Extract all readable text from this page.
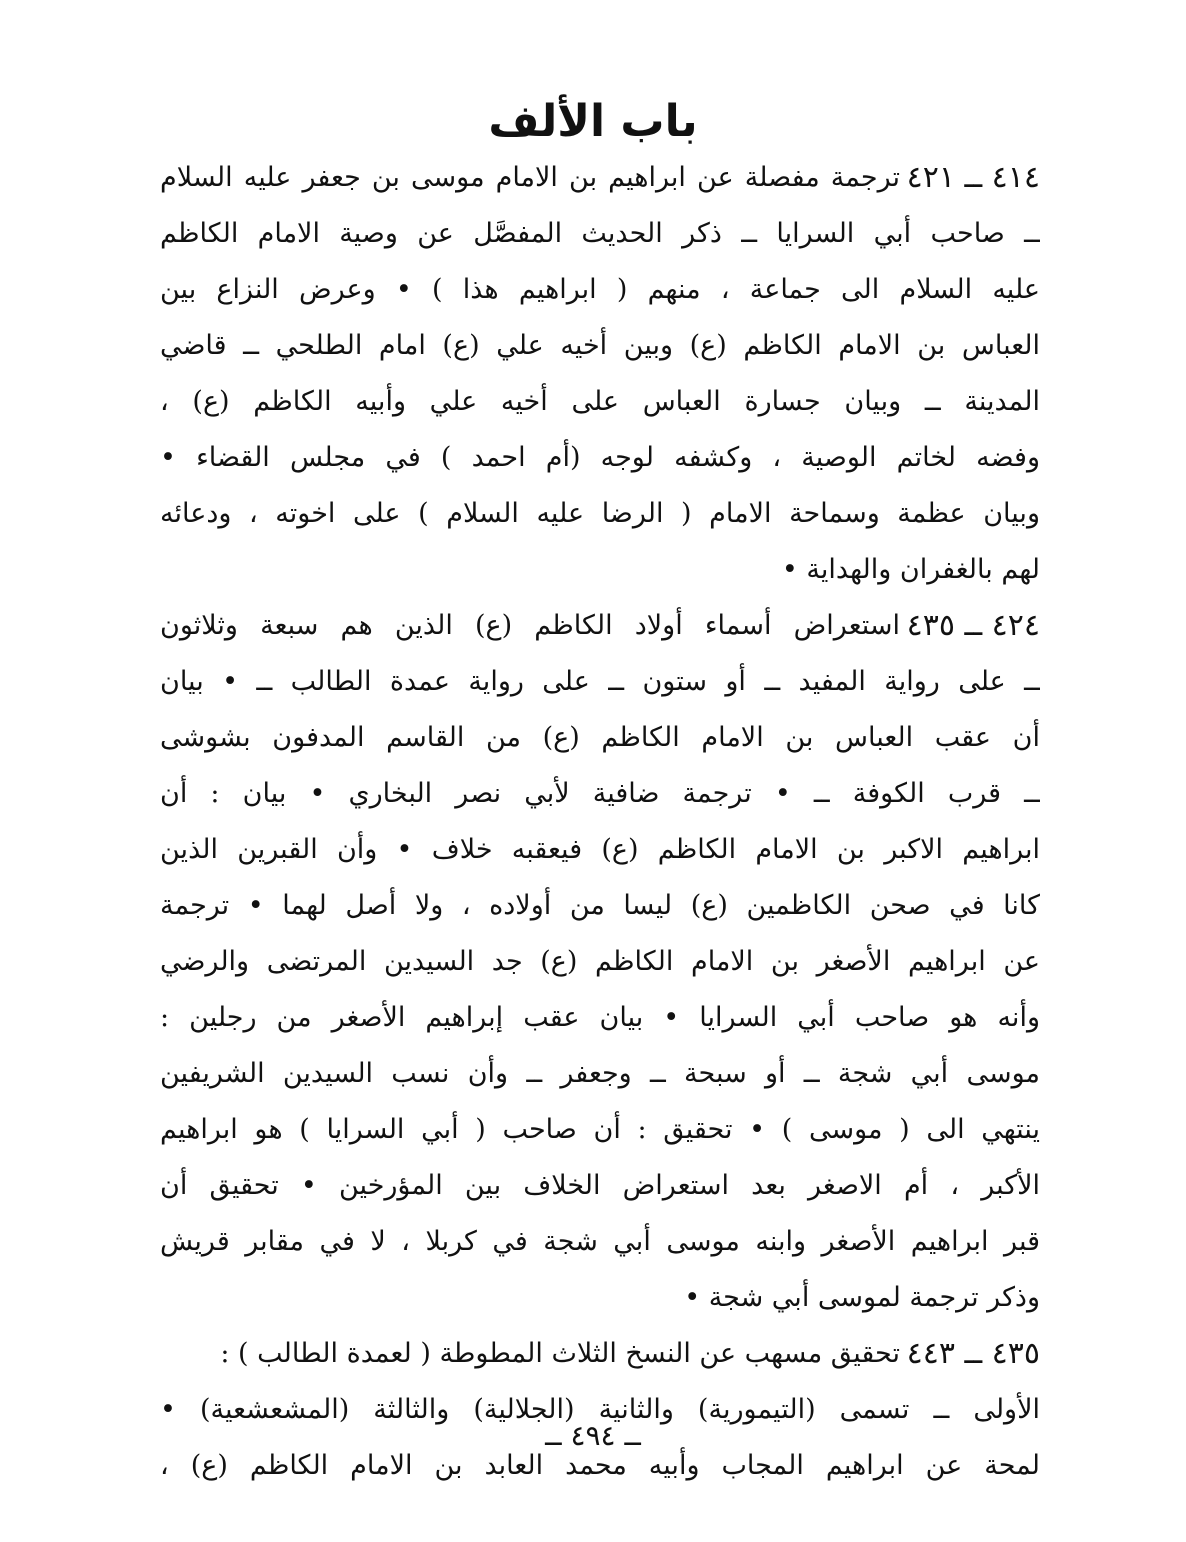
باب الألف
٤١٤ ــ ٤٢١
ترجمة مفصلة عن ابراهيم بن الامام موسى بن جعفر عليه السلام
ــ صاحب أبي السرايا ــ ذكر الحديث المفصَّل عن وصية الامام الكاظم
عليه السلام الى جماعة ، منهم ( ابراهيم هذا ) • وعرض النزاع بين
العباس بن الامام الكاظم (ع) وبين أخيه علي (ع) امام الطلحي ــ قاضي
المدينة ــ وبيان جسارة العباس على أخيه علي وأبيه الكاظم (ع) ،
وفضه لخاتم الوصية ، وكشفه لوجه (أم احمد ) في مجلس القضاء •
وبيان عظمة وسماحة الامام ( الرضا عليه السلام ) على اخوته ، ودعائه
لهم بالغفران والهداية •
٤٢٤ ــ ٤٣٥
استعراض أسماء أولاد الكاظم (ع) الذين هم سبعة وثلاثون
ــ على رواية المفيد ــ أو ستون ــ على رواية عمدة الطالب ــ • بيان
أن عقب العباس بن الامام الكاظم (ع) من القاسم المدفون بشوشى
ــ قرب الكوفة ــ • ترجمة ضافية لأبي نصر البخاري • بيان : أن
ابراهيم الاكبر بن الامام الكاظم (ع) فيعقبه خلاف • وأن القبرين الذين
كانا في صحن الكاظمين (ع) ليسا من أولاده ، ولا أصل لهما • ترجمة
عن ابراهيم الأصغر بن الامام الكاظم (ع) جد السيدين المرتضى والرضي
وأنه هو صاحب أبي السرايا • بيان عقب إبراهيم الأصغر من رجلين :
موسى أبي شجة ــ أو سبحة ــ وجعفر ــ وأن نسب السيدين الشريفين
ينتهي الى ( موسى ) • تحقيق : أن صاحب ( أبي السرايا ) هو ابراهيم
الأكبر ، أم الاصغر بعد استعراض الخلاف بين المؤرخين • تحقيق أن
قبر ابراهيم الأصغر وابنه موسى أبي شجة في كربلا ، لا في مقابر قريش
وذكر ترجمة لموسى أبي شجة •
٤٣٥ ــ ٤٤٣
تحقيق مسهب عن النسخ الثلاث المطوطة ( لعمدة الطالب ) :
الأولى ــ تسمى (التيمورية) والثانية (الجلالية) والثالثة (المشعشعية) •
لمحة عن ابراهيم المجاب وأبيه محمد العابد بن الامام الكاظم (ع) ،
ــ ٤٩٤ ــ
